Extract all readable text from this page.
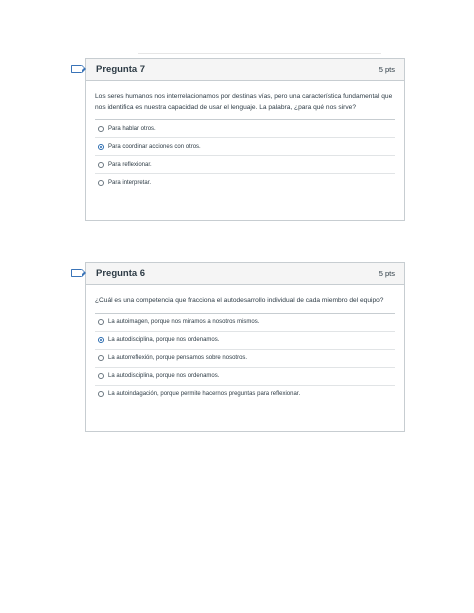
Pregunta 7	5 pts
Los seres humanos nos interrelacionamos por destinas vías, pero una característica fundamental que nos identifica es nuestra capacidad de usar el lenguaje. La palabra, ¿para qué nos sirve?
Para hablar otros.
Para coordinar acciones con otros.
Para reflexionar.
Para interpretar.
Pregunta 6	5 pts
¿Cuál es una competencia que fracciona el autodesarrollo individual de cada miembro del equipo?
La autoimagen, porque nos miramos a nosotros mismos.
La autodisciplina, porque nos ordenamos.
La autorreflexión, porque pensamos sobre nosotros.
La autodisciplina, porque nos ordenamos.
La autoindagación, porque permite hacernos preguntas para reflexionar.
